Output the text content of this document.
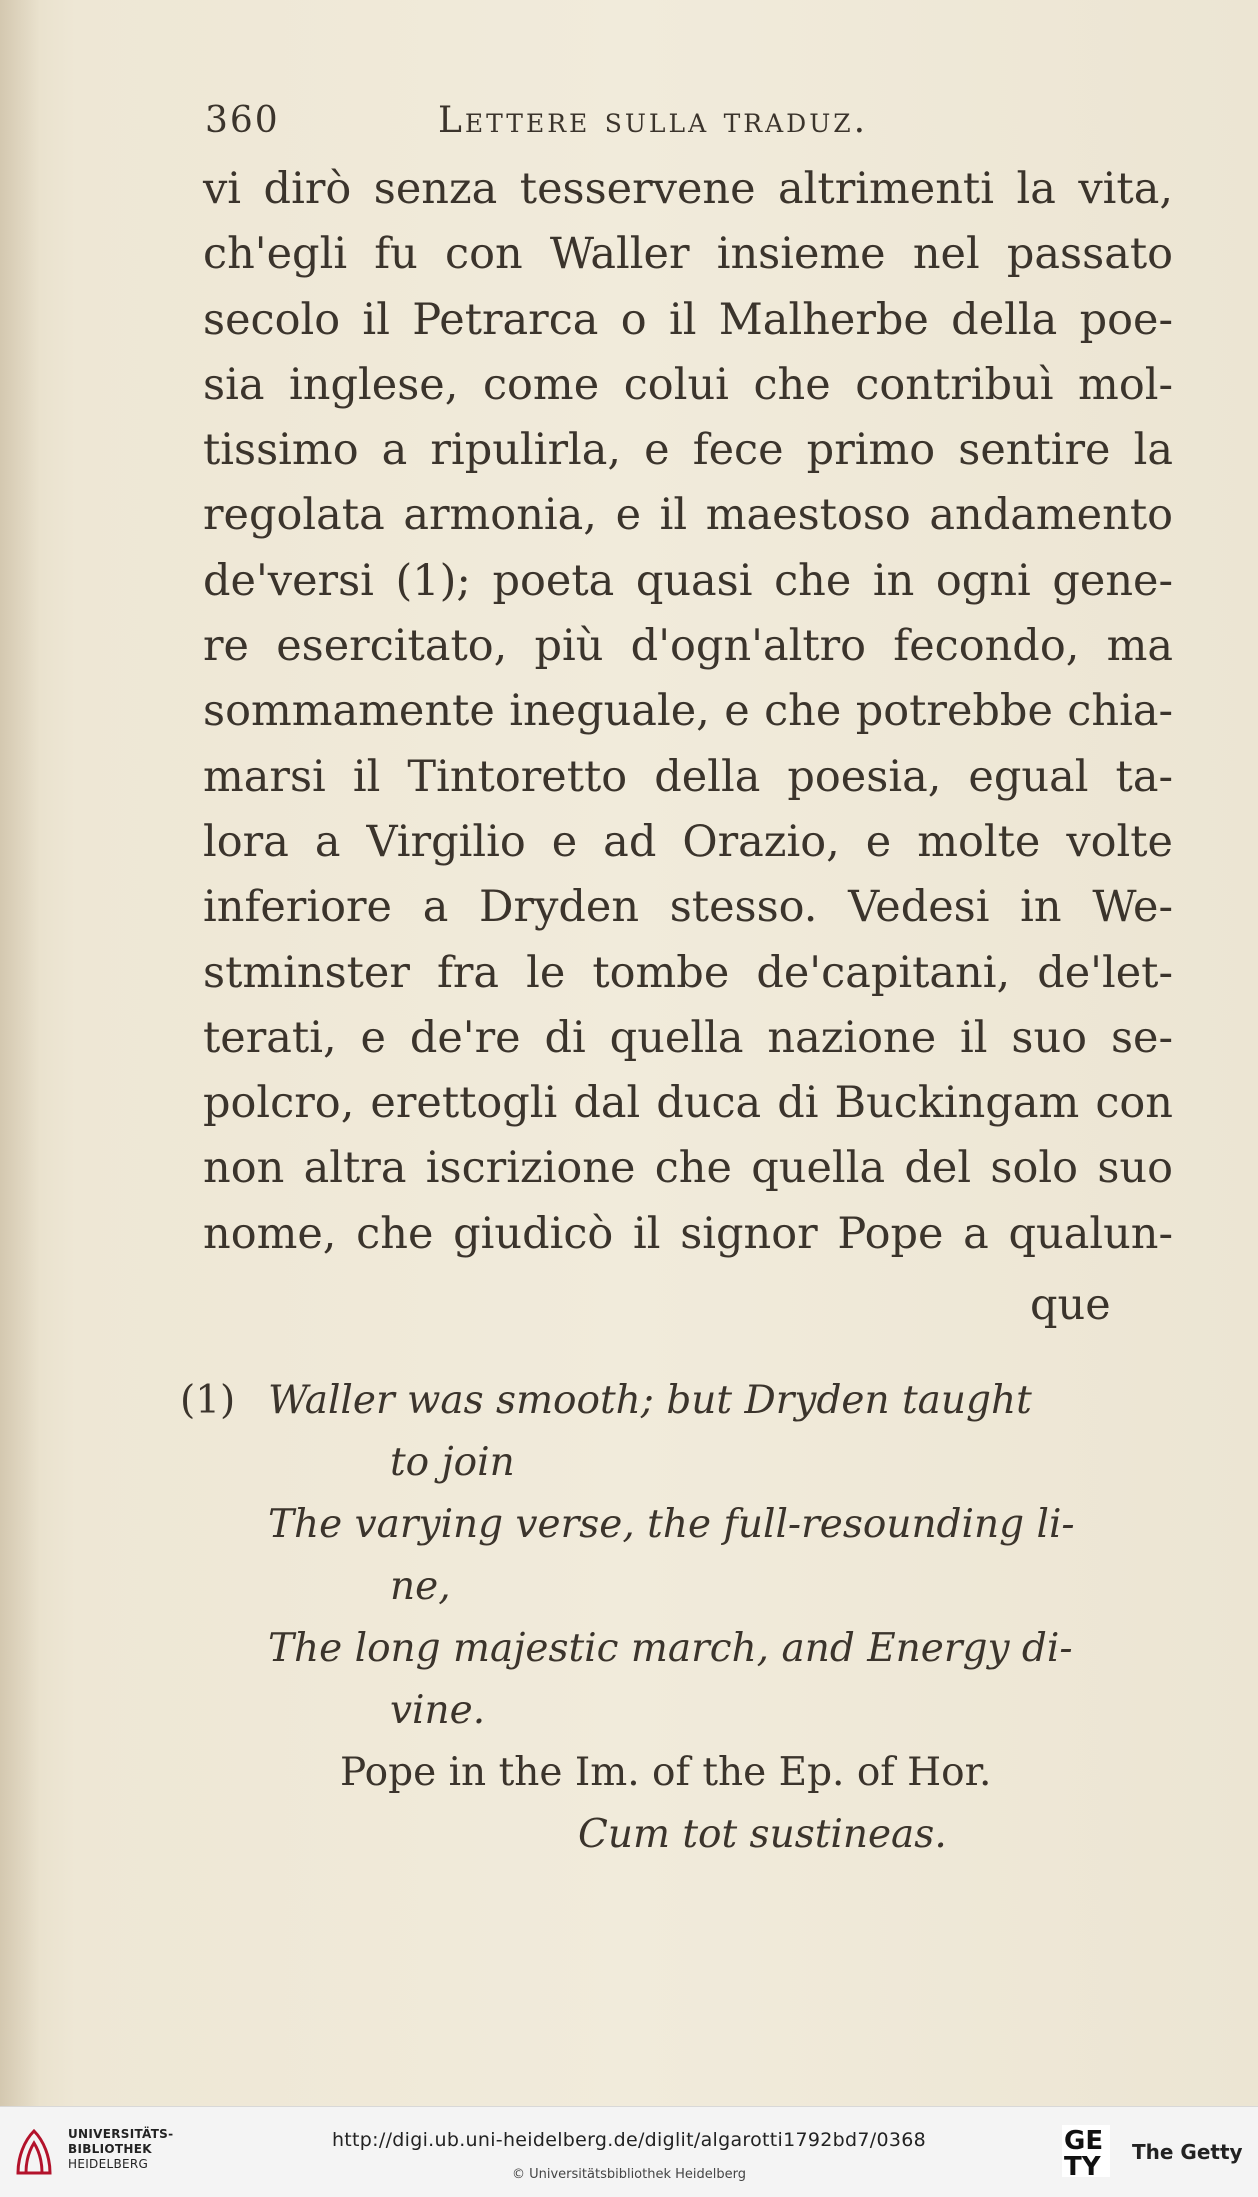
360	Lettere sulla traduz.
vi dirò senza tesservene altrimenti la vita,
ch'egli fu con Waller insieme nel passato
secolo il Petrarca o il Malherbe della poe-
sia inglese, come colui che contribuì mol-
tissimo a ripulirla, e fece primo sentire la
regolata armonia, e il maestoso andamento
de'versi (1); poeta quasi che in ogni gene-
re esercitato, più d'ogn'altro fecondo, ma
sommamente ineguale, e che potrebbe chia-
marsi il Tintoretto della poesia, egual ta-
lora a Virgilio e ad Orazio, e molte volte
inferiore a Dryden stesso. Vedesi in We-
stminster fra le tombe de'capitani, de'let-
terati, e de're di quella nazione il suo se-
polcro, erettogli dal duca di Buckingam con
non altra iscrizione che quella del solo suo
nome, che giudicò il signor Pope a qualun-
que
(1) Waller was smooth; but Dryden taught
to join
The varying verse, the full-resounding li-
ne,
The long majestic march, and Energy di-
vine.
Pope in the Im. of the Ep. of Hor.
Cum tot sustineas.
UNIVERSITÄTS-
BIBLIOTHEK
HEIDELBERG
http://digi.ub.uni-heidelberg.de/diglit/algarotti1792bd7/0368
© Universitätsbibliothek Heidelberg
GE
TY The Getty
